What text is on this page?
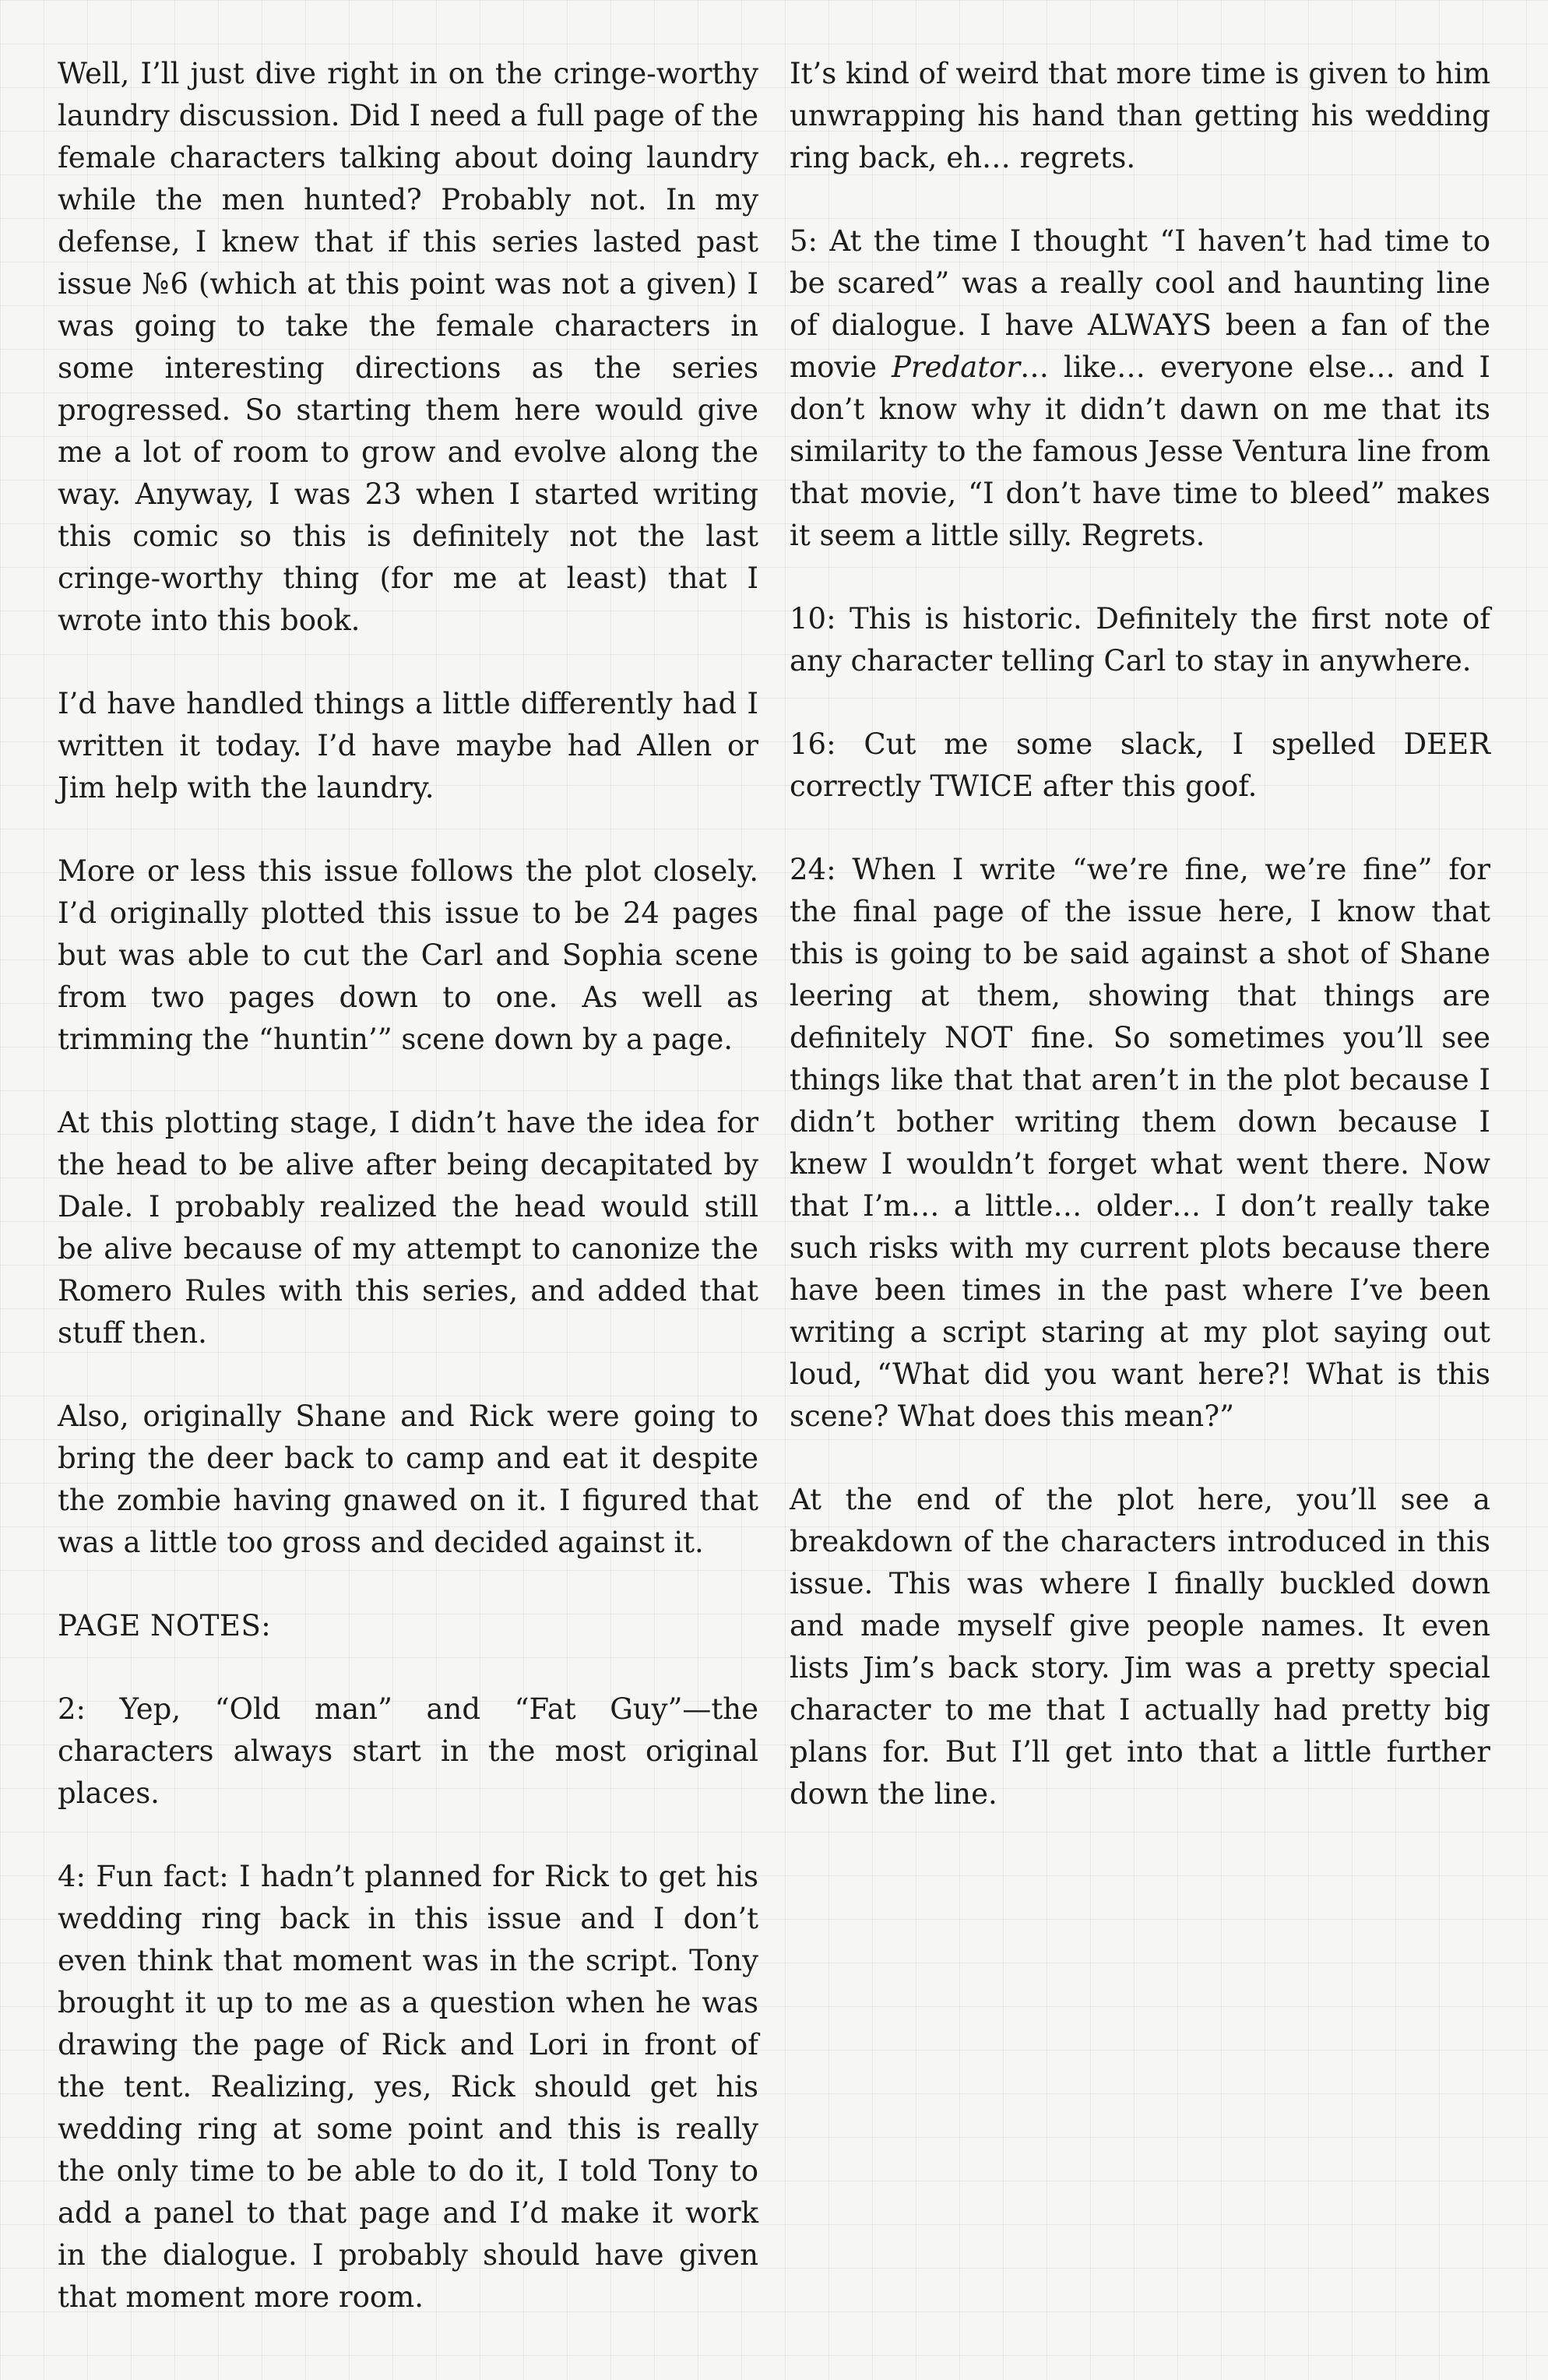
Well, I’ll just dive right in on the cringe-worthy laundry discussion. Did I need a full page of the female characters talking about doing laundry while the men hunted? Probably not. In my defense, I knew that if this series lasted past issue №6 (which at this point was not a given) I was going to take the female characters in some interesting directions as the series progressed. So starting them here would give me a lot of room to grow and evolve along the way. Anyway, I was 23 when I started writing this comic so this is definitely not the last cringe-worthy thing (for me at least) that I wrote into this book.

I’d have handled things a little differently had I written it today. I’d have maybe had Allen or Jim help with the laundry.

More or less this issue follows the plot closely. I’d originally plotted this issue to be 24 pages but was able to cut the Carl and Sophia scene from two pages down to one. As well as trimming the “huntin’” scene down by a page.

At this plotting stage, I didn’t have the idea for the head to be alive after being decapitated by Dale. I probably realized the head would still be alive because of my attempt to canonize the Romero Rules with this series, and added that stuff then.

Also, originally Shane and Rick were going to bring the deer back to camp and eat it despite the zombie having gnawed on it. I figured that was a little too gross and decided against it.

PAGE NOTES:

2: Yep, “Old man” and “Fat Guy”—the characters always start in the most original places.

4: Fun fact: I hadn’t planned for Rick to get his wedding ring back in this issue and I don’t even think that moment was in the script. Tony brought it up to me as a question when he was drawing the page of Rick and Lori in front of the tent. Realizing, yes, Rick should get his wedding ring at some point and this is really the only time to be able to do it, I told Tony to add a panel to that page and I’d make it work in the dialogue. I probably should have given that moment more room.

It’s kind of weird that more time is given to him unwrapping his hand than getting his wedding ring back, eh… regrets.

5: At the time I thought “I haven’t had time to be scared” was a really cool and haunting line of dialogue. I have ALWAYS been a fan of the movie Predator… like… everyone else… and I don’t know why it didn’t dawn on me that its similarity to the famous Jesse Ventura line from that movie, “I don’t have time to bleed” makes it seem a little silly. Regrets.

10: This is historic. Definitely the first note of any character telling Carl to stay in anywhere.

16: Cut me some slack, I spelled DEER correctly TWICE after this goof.

24: When I write “we’re fine, we’re fine” for the final page of the issue here, I know that this is going to be said against a shot of Shane leering at them, showing that things are definitely NOT fine. So sometimes you’ll see things like that that aren’t in the plot because I didn’t bother writing them down because I knew I wouldn’t forget what went there. Now that I’m… a little… older… I don’t really take such risks with my current plots because there have been times in the past where I’ve been writing a script staring at my plot saying out loud, “What did you want here?! What is this scene? What does this mean?”

At the end of the plot here, you’ll see a breakdown of the characters introduced in this issue. This was where I finally buckled down and made myself give people names. It even lists Jim’s back story. Jim was a pretty special character to me that I actually had pretty big plans for. But I’ll get into that a little further down the line.
